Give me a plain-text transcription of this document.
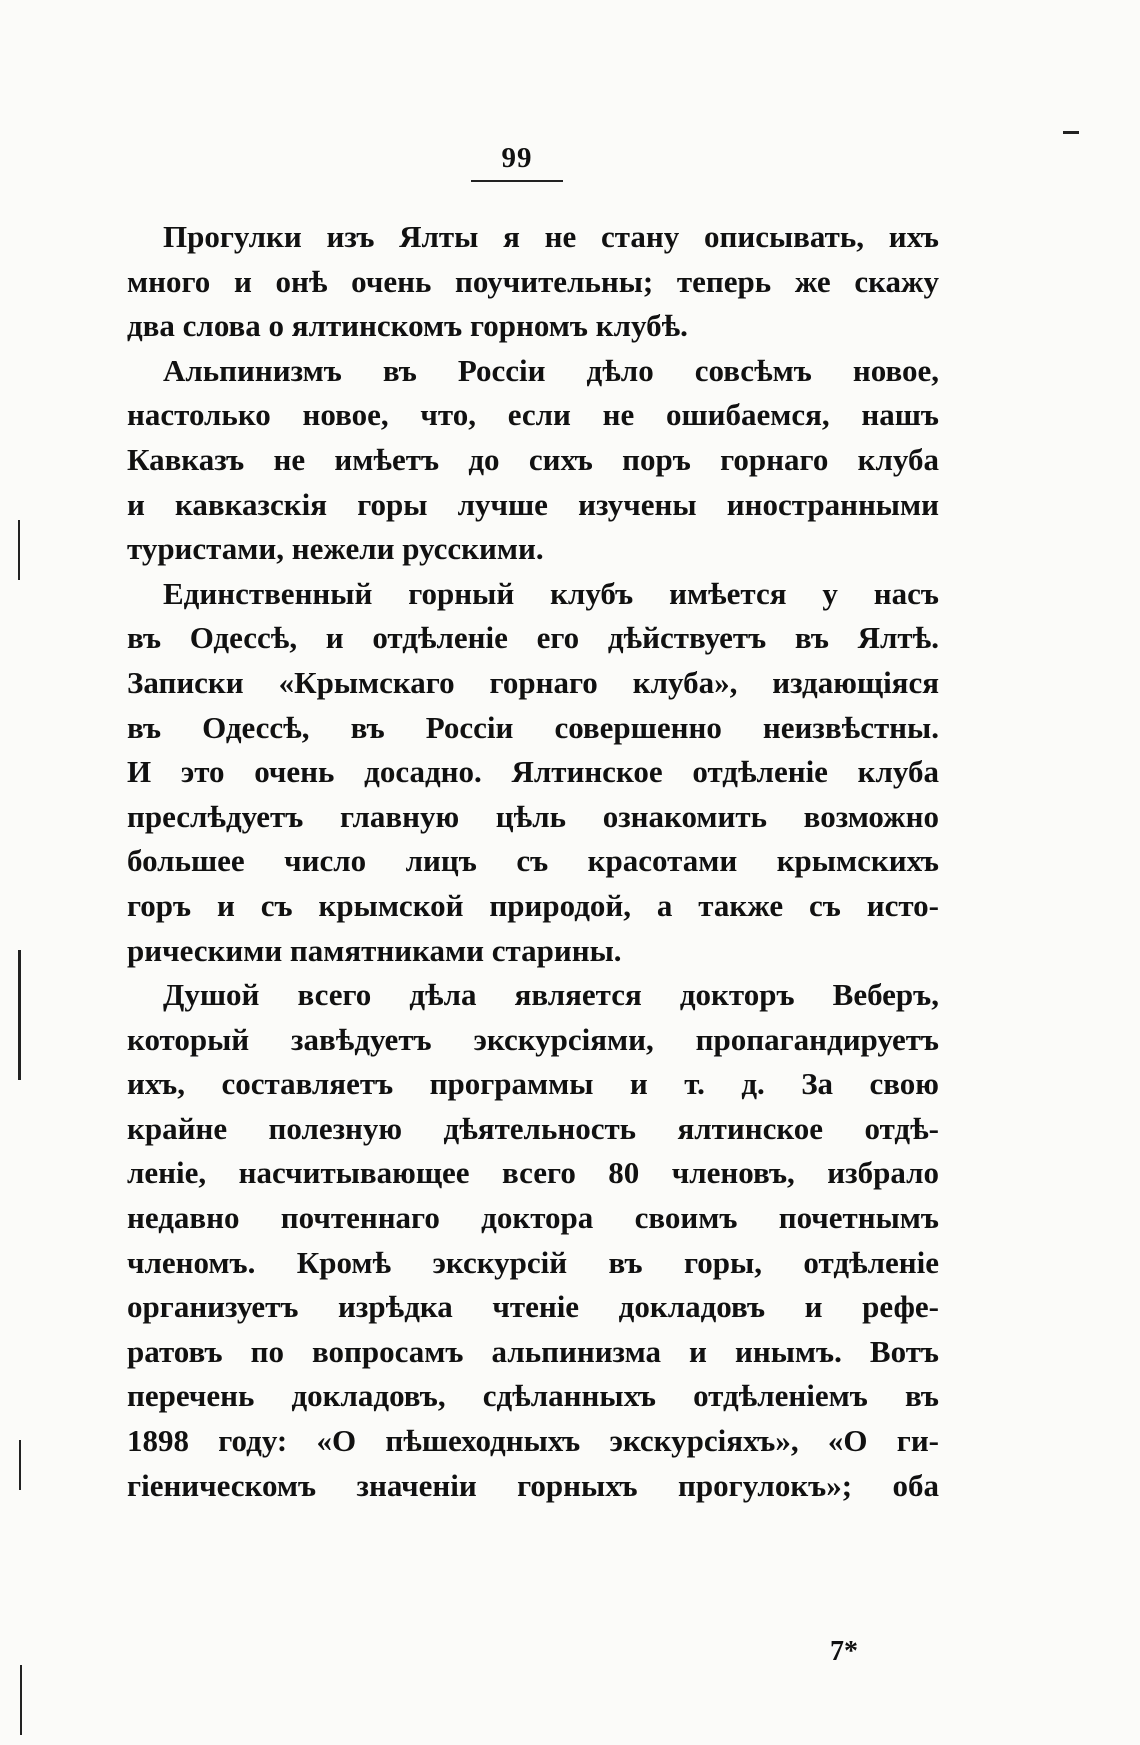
99
Прогулки изъ Ялты я не стану описывать, ихъ
много и онѣ очень поучительны; теперь же скажу
два слова о ялтинскомъ горномъ клубѣ.
Альпинизмъ въ Россіи дѣло совсѣмъ новое,
настолько новое, что, если не ошибаемся, нашъ
Кавказъ не имѣетъ до сихъ поръ горнаго клуба
и кавказскія горы лучше изучены иностранными
туристами, нежели русскими.
Единственный горный клубъ имѣется у насъ
въ Одессѣ, и отдѣленіе его дѣйствуетъ въ Ялтѣ.
Записки «Крымскаго горнаго клуба», издающіяся
въ Одессѣ, въ Россіи совершенно неизвѣстны.
И это очень досадно. Ялтинское отдѣленіе клуба
преслѣдуетъ главную цѣль ознакомить возможно
большее число лицъ съ красотами крымскихъ
горъ и съ крымской природой, а также съ исто-
рическими памятниками старины.
Душой всего дѣла является докторъ Веберъ,
который завѣдуетъ экскурсіями, пропагандируетъ
ихъ, составляетъ программы и т. д. За свою
крайне полезную дѣятельность ялтинское отдѣ-
леніе, насчитывающее всего 80 членовъ, избрало
недавно почтеннаго доктора своимъ почетнымъ
членомъ. Кромѣ экскурсій въ горы, отдѣленіе
организуетъ изрѣдка чтеніе докладовъ и рефе-
ратовъ по вопросамъ альпинизма и инымъ. Вотъ
перечень докладовъ, сдѣланныхъ отдѣленіемъ въ
1898 году: «О пѣшеходныхъ экскурсіяхъ», «О ги-
гіеническомъ значеніи горныхъ прогулокъ»; оба
7*
